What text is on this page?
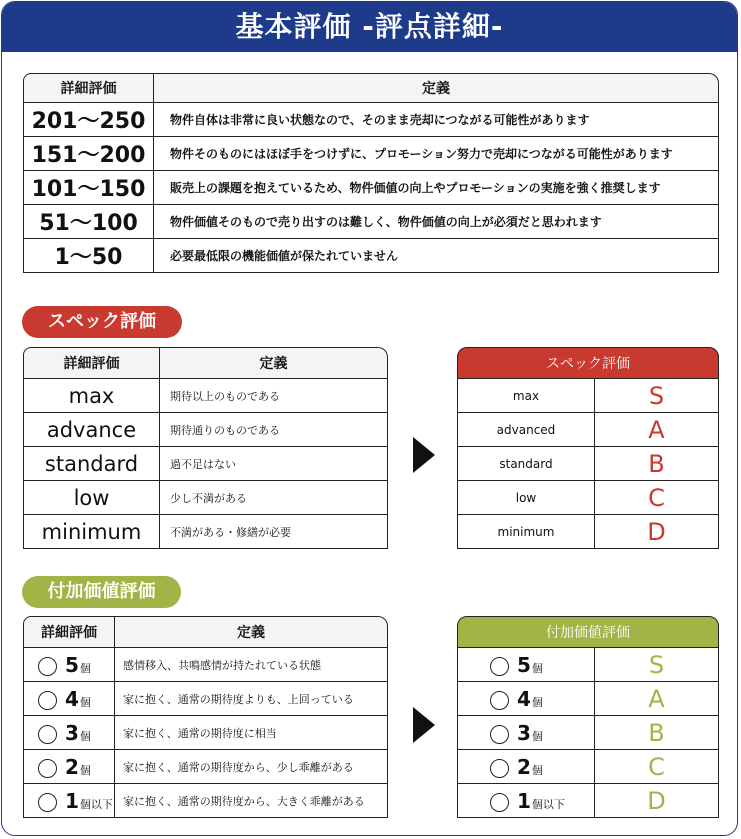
基本評価 -評点詳細-
詳細評価	定義
201〜250	物件自体は非常に良い状態なので、そのまま売却につながる可能性があります
151〜200	物件そのものにはほぼ手をつけずに、プロモーション努力で売却につながる可能性があります
101〜150	販売上の課題を抱えているため、物件価値の向上やプロモーションの実施を強く推奨します
51〜100	物件価値そのもので売り出すのは難しく、物件価値の向上が必須だと思われます
1〜50	必要最低限の機能価値が保たれていません
スペック評価
詳細評価	定義
max	期待以上のものである
advance	期待通りのものである
standard	過不足はない
low	少し不満がある
minimum	不満がある・修繕が必要
スペック評価	
max	S
advanced	A
standard	B
low	C
minimum	D
付加価値評価
詳細評価	定義
5個	感情移入、共鳴感情が持たれている状態
4個	家に抱く、通常の期待度よりも、上回っている
3個	家に抱く、通常の期待度に相当
2個	家に抱く、通常の期待度から、少し乖離がある
1個以下	家に抱く、通常の期待度から、大きく乖離がある
付加価値評価	
5個	S
4個	A
3個	B
2個	C
1個以下	D
